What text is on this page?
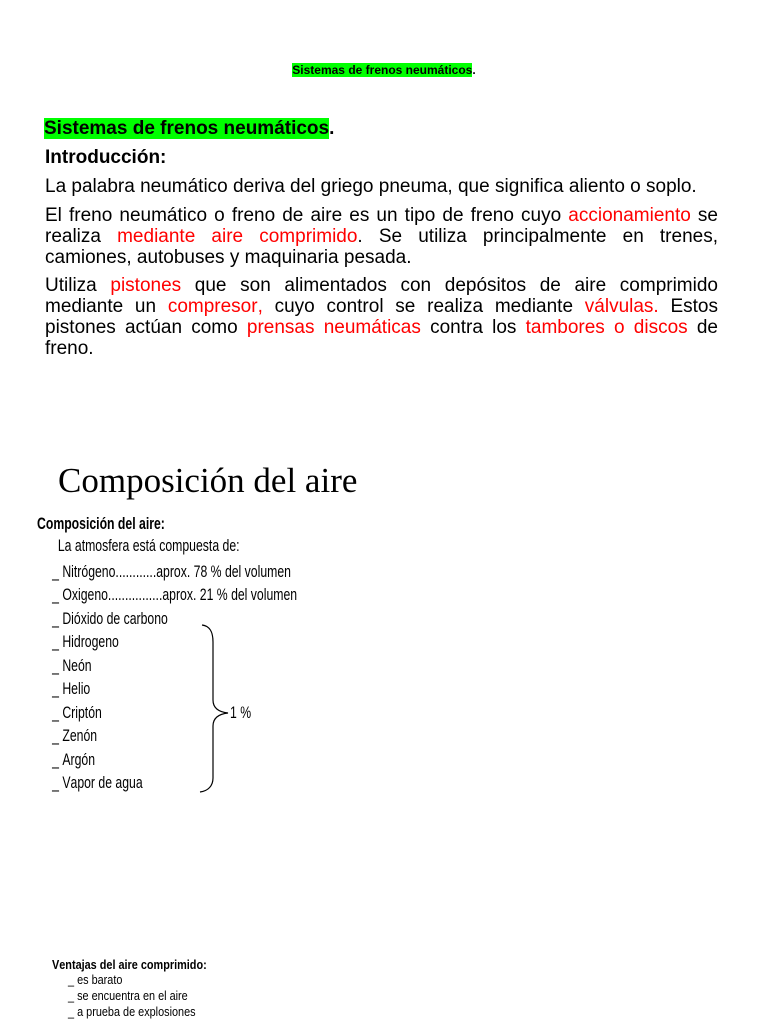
Sistemas de frenos neumáticos.
Sistemas de frenos neumáticos.
Introducción:

La palabra neumático deriva del griego pneuma, que significa aliento o soplo.

El freno neumático o freno de aire es un tipo de freno cuyo accionamiento se realiza mediante aire comprimido. Se utiliza principalmente en trenes, camiones, autobuses y maquinaria pesada.

Utiliza pistones que son alimentados con depósitos de aire comprimido mediante un compresor, cuyo control se realiza mediante válvulas. Estos pistones actúan como prensas neumáticas contra los tambores o discos de freno.

Composición del aire
Composición del aire:
La atmosfera está compuesta de:
_ Nitrógeno............aprox. 78 % del volumen
_ Oxigeno................aprox. 21 % del volumen
_ Dióxido de carbono
_ Hidrogeno
_ Neón
_ Helio
_ Criptón
_ Zenón
_ Argón
_ Vapor de agua
1 %
Ventajas del aire comprimido:
_ es barato
_ se encuentra en el aire
_ a prueba de explosiones
